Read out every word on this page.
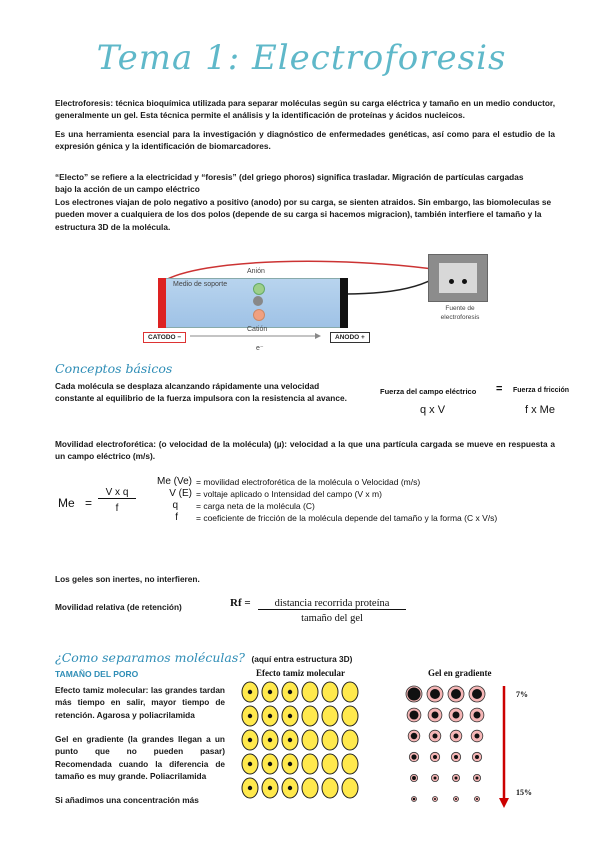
Tema 1: Electroforesis
Electroforesis: técnica bioquímica utilizada para separar moléculas según su carga eléctrica y tamaño en un medio conductor, generalmente un gel. Esta técnica permite el análisis y la identificación de proteínas y ácidos nucleicos.
Es una herramienta esencial para la investigación y diagnóstico de enfermedades genéticas, así como para el estudio de la expresión génica y la identificación de biomarcadores.
“Electo” se refiere a la electricidad y “foresis” (del griego phoros) significa trasladar. Migración de partículas cargadas bajo la acción de un campo eléctrico
Los electrones viajan de polo negativo a positivo (anodo) por su carga, se sienten atraidos. Sin embargo, las biomoleculas se pueden mover a cualquiera de los dos polos (depende de su carga si hacemos migracion), también interfiere el tamaño y la estructura 3D de la molécula.
Medio de soporte
Anión
Catión
CATODO −	ANODO +
e⁻
Fuente de electroforesis
Conceptos básicos
Cada molécula se desplaza alcanzando rápidamente una velocidad constante al equilibrio de la fuerza impulsora con la resistencia al avance.
Fuerza del campo eléctrico = Fuerza d fricción
q x V	f x Me
Movilidad electroforética: (o velocidad de la molécula) (µ): velocidad a la que una partícula cargada se mueve en respuesta a un campo eléctrico (m/s).
Me =
V x q
f
Me (Ve) = movilidad electroforética de la molécula o Velocidad (m/s)
V (E) = voltaje aplicado o Intensidad del campo (V x m)
q = carga neta de la molécula (C)
f = coeficiente de fricción de la molécula depende del tamaño y la forma (C x V/s)
Los geles son inertes, no interfieren.
Movilidad relativa (de retención)	Rf =	distancia recorrida proteína
tamaño del gel
¿Como separamos moléculas? (aquí entra estructura 3D)
TAMAÑO DEL PORO
Efecto tamiz molecular: las grandes tardan más tiempo en salir, mayor tiempo de retención. Agarosa y poliacrilamida
Gel en gradiente (la grandes llegan a un punto que no pueden pasar) Recomendada cuando la diferencia de tamaño es muy grande. Poliacrilamida
Si añadimos una concentración más
Efecto tamiz molecular	Gel en gradiente
7%
15%
